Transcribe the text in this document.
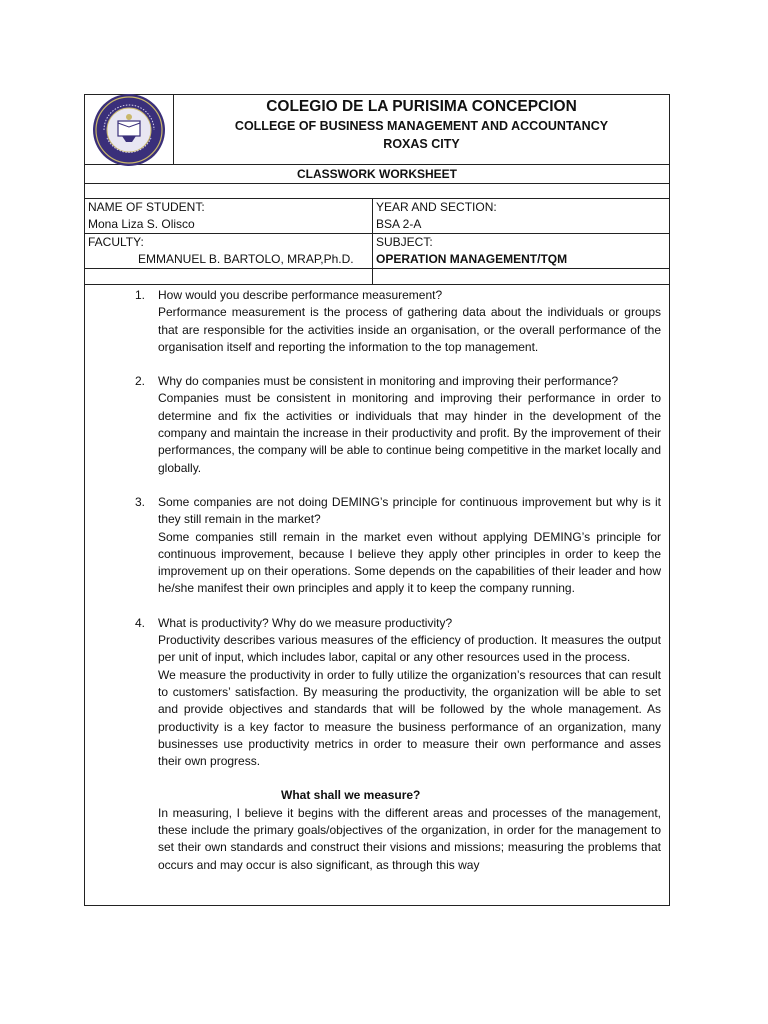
COLEGIO DE LA PURISIMA CONCEPCION
COLLEGE OF BUSINESS MANAGEMENT AND ACCOUNTANCY
ROXAS CITY
CLASSWORK WORKSHEET
NAME OF STUDENT:
Mona Liza S. Olisco
YEAR AND SECTION:
BSA 2-A
FACULTY:
EMMANUEL B. BARTOLO, MRAP,Ph.D.
SUBJECT:
OPERATION MANAGEMENT/TQM
1. How would you describe performance measurement?
Performance measurement is the process of gathering data about the individuals or groups that are responsible for the activities inside an organisation, or the overall performance of the organisation itself and reporting the information to the top management.
2. Why do companies must be consistent in monitoring and improving their performance?
Companies must be consistent in monitoring and improving their performance in order to determine and fix the activities or individuals that may hinder in the development of the company and maintain the increase in their productivity and profit. By the improvement of their performances, the company will be able to continue being competitive in the market locally and globally.
3. Some companies are not doing DEMING’s principle for continuous improvement but why is it they still remain in the market?
Some companies still remain in the market even without applying DEMING’s principle for continuous improvement, because I believe they apply other principles in order to keep the improvement up on their operations. Some depends on the capabilities of their leader and how he/she manifest their own principles and apply it to keep the company running.
4. What is productivity? Why do we measure productivity?
Productivity describes various measures of the efficiency of production. It measures the output per unit of input, which includes labor, capital or any other resources used in the process.
We measure the productivity in order to fully utilize the organization’s resources that can result to customers’ satisfaction. By measuring the productivity, the organization will be able to set and provide objectives and standards that will be followed by the whole management. As productivity is a key factor to measure the business performance of an organization, many businesses use productivity metrics in order to measure their own performance and asses their own progress.
What shall we measure?
In measuring, I believe it begins with the different areas and processes of the management, these include the primary goals/objectives of the organization, in order for the management to set their own standards and construct their visions and missions; measuring the problems that occurs and may occur is also significant, as through this way
